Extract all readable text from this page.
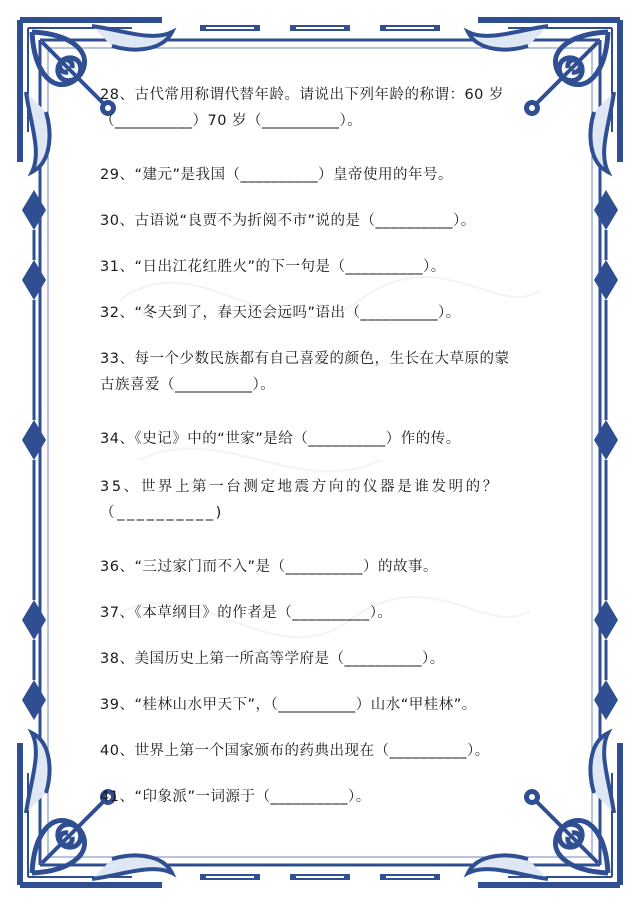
28、古代常用称谓代替年龄。请说出下列年龄的称谓：60 岁
（__________）70 岁（__________）。

29、“建元”是我国（__________）皇帝使用的年号。

30、古语说“良贾不为折阅不市”说的是（__________）。

31、“日出江花红胜火”的下一句是（__________）。

32、“冬天到了，春天还会远吗”语出（__________）。

33、每一个少数民族都有自己喜爱的颜色，生长在大草原的蒙
古族喜爱（__________）。

34、《史记》中的“世家”是给（__________）作的传。

35、世界上第一台测定地震方向的仪器是谁发明的？
（__________)

36、“三过家门而不入”是（__________）的故事。

37、《本草纲目》的作者是（__________）。

38、美国历史上第一所高等学府是（__________）。

39、“桂林山水甲天下”，（__________）山水“甲桂林”。

40、世界上第一个国家颁布的药典出现在（__________）。

41、“印象派”一词源于（__________）。
